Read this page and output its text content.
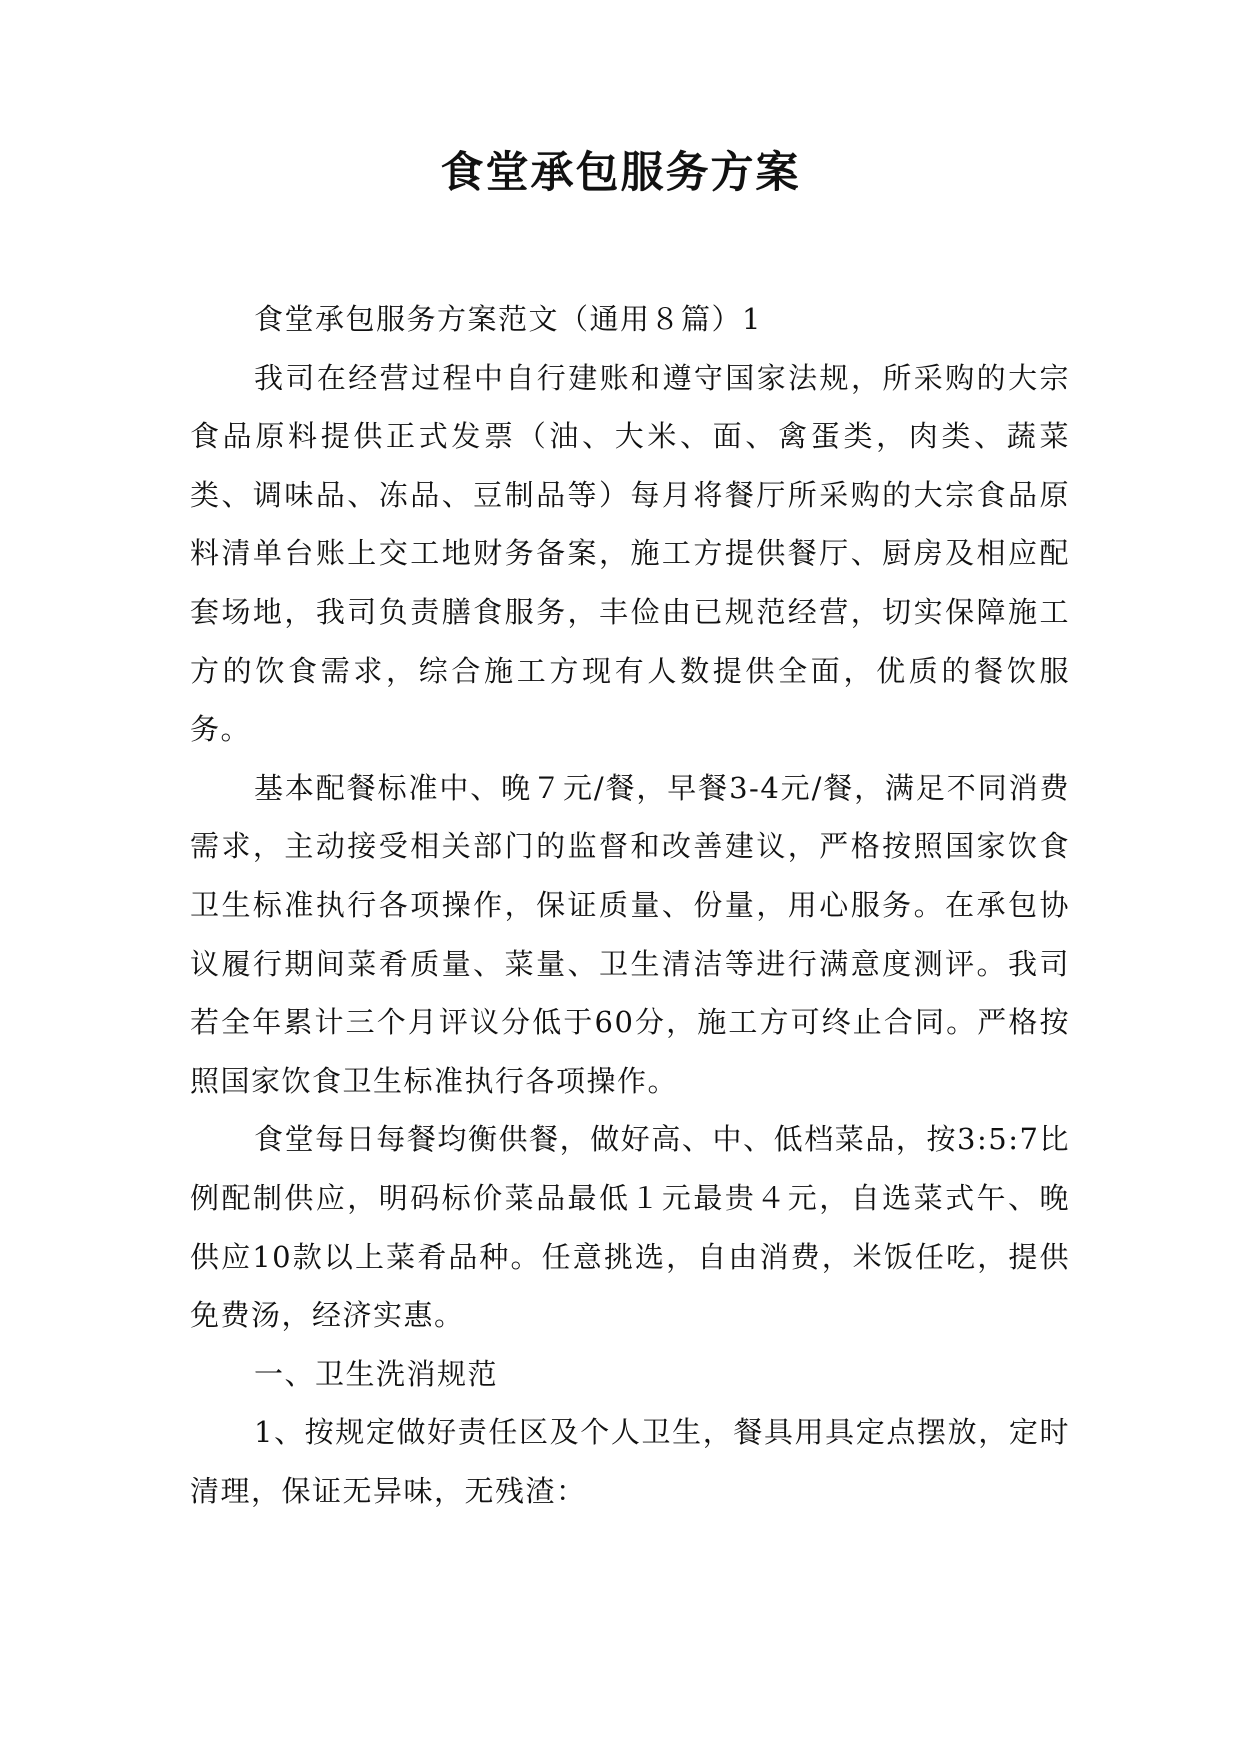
食堂承包服务方案

食堂承包服务方案范文（通用８篇）1

我司在经营过程中自行建账和遵守国家法规，所采购的大宗食品原料提供正式发票（油、大米、面、禽蛋类，肉类、蔬菜类、调味品、冻品、豆制品等）每月将餐厅所采购的大宗食品原料清单台账上交工地财务备案，施工方提供餐厅、厨房及相应配套场地，我司负责膳食服务，丰俭由已规范经营，切实保障施工方的饮食需求，综合施工方现有人数提供全面，优质的餐饮服务。

基本配餐标准中、晚７元/餐，早餐3-4元/餐，满足不同消费需求，主动接受相关部门的监督和改善建议，严格按照国家饮食卫生标准执行各项操作，保证质量、份量，用心服务。在承包协议履行期间菜肴质量、菜量、卫生清洁等进行满意度测评。我司若全年累计三个月评议分低于60分，施工方可终止合同。严格按照国家饮食卫生标准执行各项操作。

食堂每日每餐均衡供餐，做好高、中、低档菜品，按3:5:7比例配制供应，明码标价菜品最低１元最贵４元，自选菜式午、晚供应10款以上菜肴品种。任意挑选，自由消费，米饭任吃，提供免费汤，经济实惠。

一、卫生洗消规范

1、按规定做好责任区及个人卫生，餐具用具定点摆放，定时清理，保证无异味，无残渣：
